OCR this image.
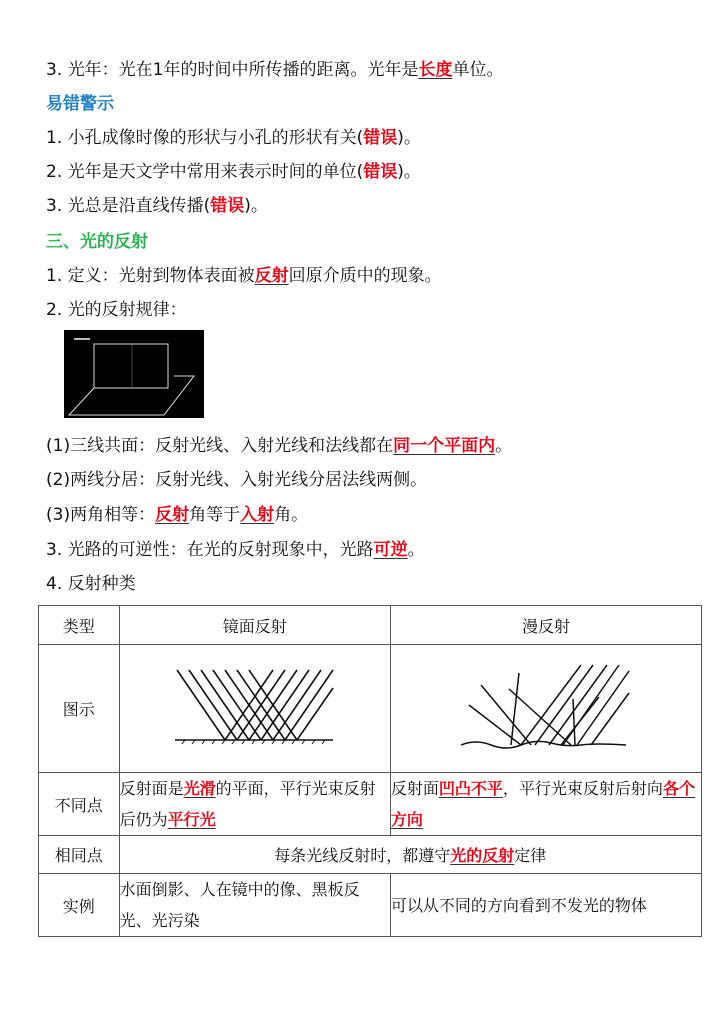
3. 光年：光在1年的时间中所传播的距离。光年是长度单位。
易错警示
1. 小孔成像时像的形状与小孔的形状有关(错误)。
2. 光年是天文学中常用来表示时间的单位(错误)。
3. 光总是沿直线传播(错误)。
三、光的反射
1. 定义：光射到物体表面被反射回原介质中的现象。
2. 光的反射规律：
(1)三线共面：反射光线、入射光线和法线都在同一个平面内。
(2)两线分居：反射光线、入射光线分居法线两侧。
(3)两角相等：反射角等于入射角。
3. 光路的可逆性：在光的反射现象中，光路可逆。
4. 反射种类
类型	镜面反射	漫反射
图示		
不同点	反射面是光滑的平面，平行光束反射后仍为平行光	反射面凹凸不平，平行光束反射后射向各个方向
相同点	每条光线反射时，都遵守光的反射定律	
实例	水面倒影、人在镜中的像、黑板反光、光污染	可以从不同的方向看到不发光的物体
